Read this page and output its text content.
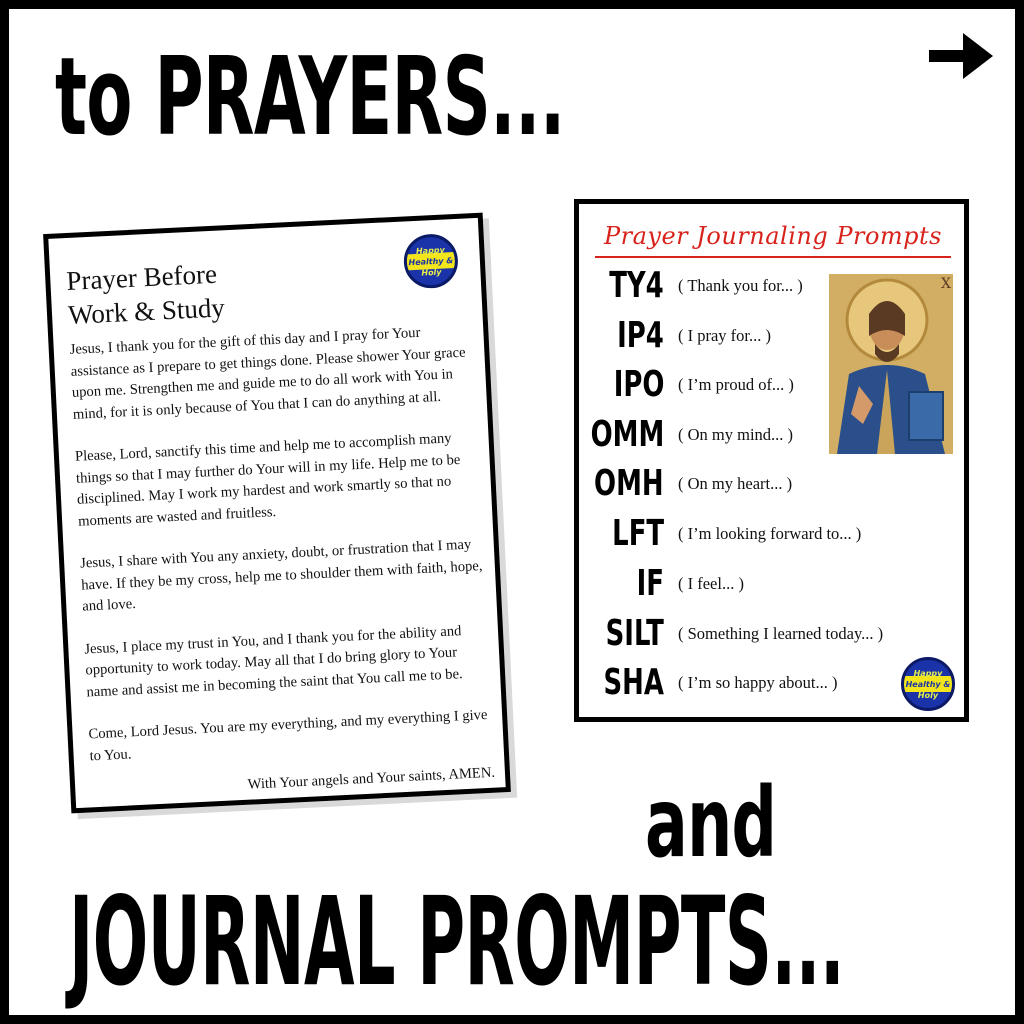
to PRAYERS...
Prayer Before
Work & Study
Happy
Healthy &
Holy

Jesus, I thank you for the gift of this day and I pray for Your assistance as I prepare to get things done. Please shower Your grace upon me. Strengthen me and guide me to do all work with You in mind, for it is only because of You that I can do anything at all.

Please, Lord, sanctify this time and help me to accomplish many things so that I may further do Your will in my life. Help me to be disciplined. May I work my hardest and work smartly so that no moments are wasted and fruitless.

Jesus, I share with You any anxiety, doubt, or frustration that I may have. If they be my cross, help me to shoulder them with faith, hope, and love.

Jesus, I place my trust in You, and I thank you for the ability and opportunity to work today. May all that I do bring glory to Your name and assist me in becoming the saint that You call me to be.

Come, Lord Jesus. You are my everything, and my everything I give to You.

With Your angels and Your saints, AMEN.
Prayer Journaling Prompts
X
TY4 ( Thank you for... )
IP4 ( I pray for... )
IPO ( I’m proud of... )
OMM ( On my mind... )
OMH ( On my heart... )
LFT ( I’m looking forward to... )
IF ( I feel... )
SILT ( Something I learned today... )
SHA ( I’m so happy about... )	Happy
Healthy &
Holy
and
JOURNAL PROMPTS...
